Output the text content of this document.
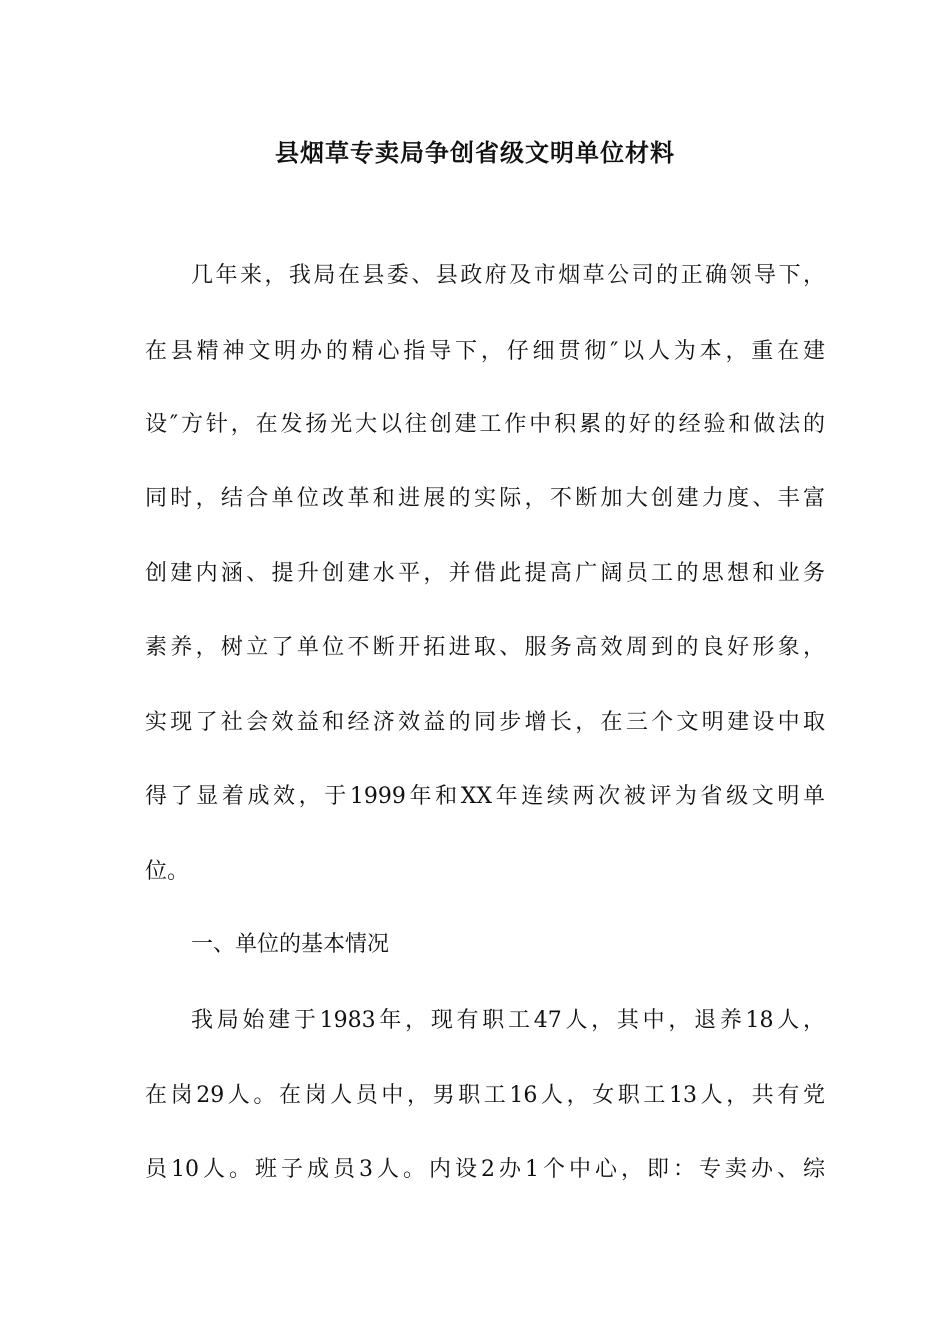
县烟草专卖局争创省级文明单位材料
几年来，我局在县委、县政府及市烟草公司的正确领导下，
在县精神文明办的精心指导下，仔细贯彻″以人为本，重在建
设″方针，在发扬光大以往创建工作中积累的好的经验和做法的
同时，结合单位改革和进展的实际，不断加大创建力度、丰富
创建内涵、提升创建水平，并借此提高广阔员工的思想和业务
素养，树立了单位不断开拓进取、服务高效周到的良好形象，
实现了社会效益和经济效益的同步增长，在三个文明建设中取
得了显着成效，于1999年和XX年连续两次被评为省级文明单
位。
一、单位的基本情况
我局始建于1983年，现有职工47人，其中，退养18人，
在岗29人。在岗人员中，男职工16人，女职工13人，共有党
员10人。班子成员3人。内设2办1个中心，即：专卖办、综
